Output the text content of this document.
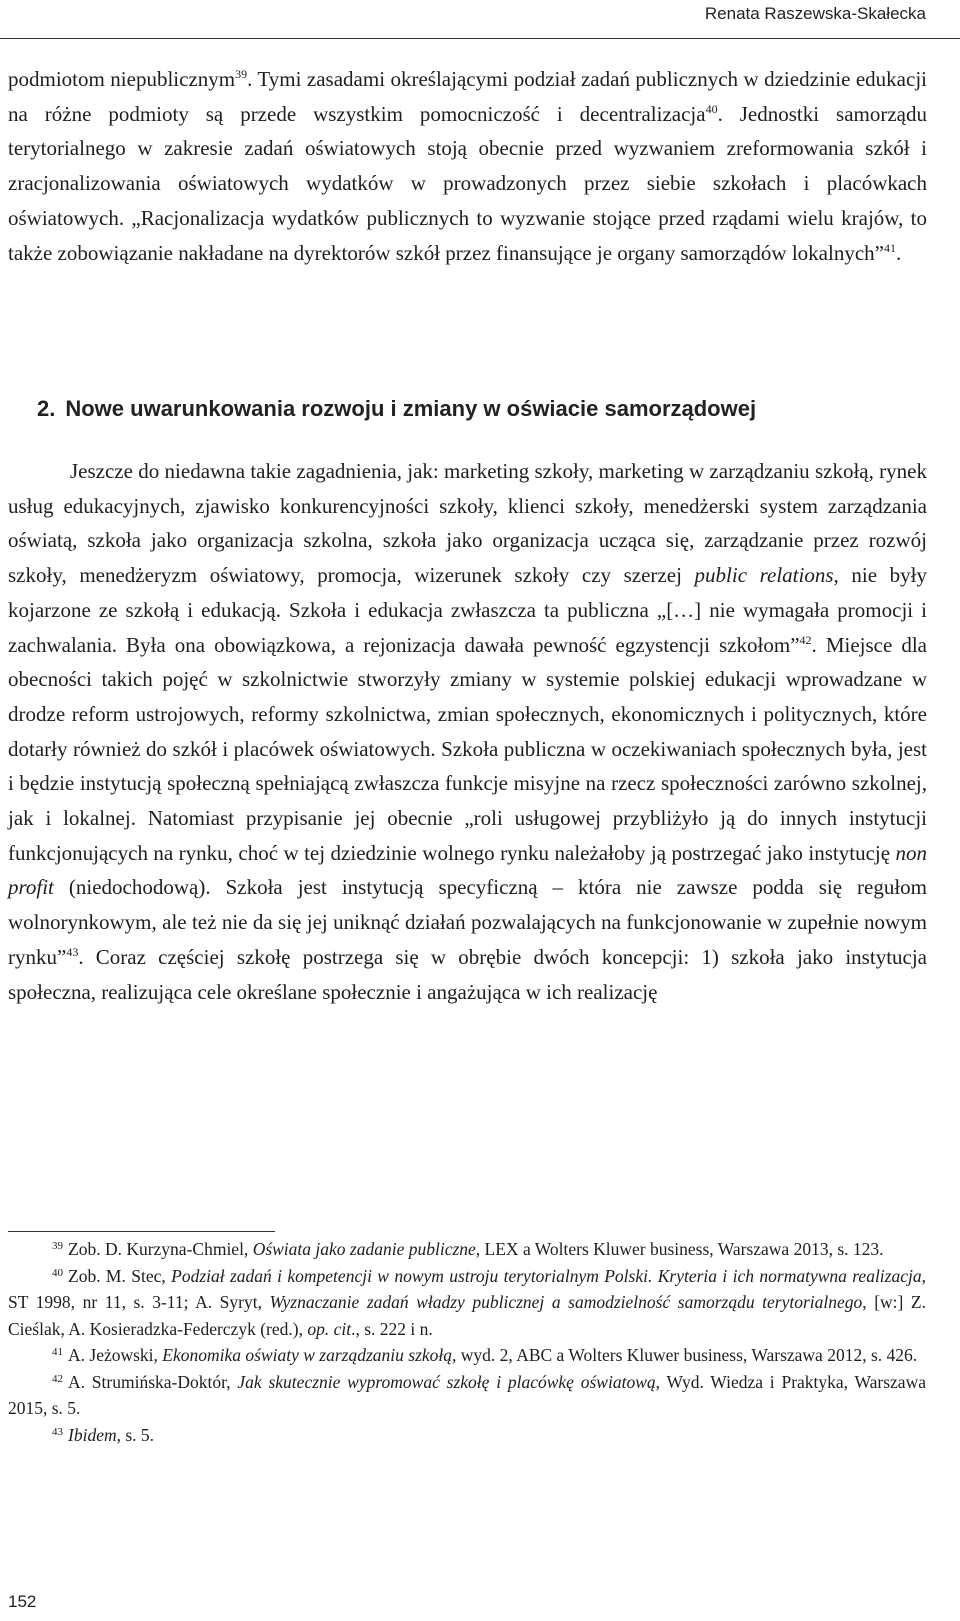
Renata Raszewska-Skałecka

podmiotom niepublicznym$^{39}$. Tymi zasadami określającymi podział zadań publicznych w dziedzinie edukacji na różne podmioty są przede wszystkim pomocniczość i decentralizacja$^{40}$. Jednostki samorządu terytorialnego w zakresie zadań oświatowych stoją obecnie przed wyzwaniem zreformowania szkół i zracjonalizowania oświatowych wydatków w prowadzonych przez siebie szkołach i placówkach oświatowych. „Racjonalizacja wydatków publicznych to wyzwanie stojące przed rządami wielu krajów, to także zobowiązanie nakładane na dyrektorów szkół przez finansujące je organy samorządów lokalnych”$^{41}$.

2. Nowe uwarunkowania rozwoju i zmiany w oświacie samorządowej

Jeszcze do niedawna takie zagadnienia, jak: marketing szkoły, marketing w zarządzaniu szkołą, rynek usług edukacyjnych, zjawisko konkurencyjności szkoły, klienci szkoły, menedżerski system zarządzania oświatą, szkoła jako organizacja szkolna, szkoła jako organizacja ucząca się, zarządzanie przez rozwój szkoły, menedżeryzm oświatowy, promocja, wizerunek szkoły czy szerzej public relations, nie były kojarzone ze szkołą i edukacją. Szkoła i edukacja zwłaszcza ta publiczna „[…] nie wymagała promocji i zachwalania. Była ona obowiązkowa, a rejonizacja dawała pewność egzystencji szkołom”$^{42}$. Miejsce dla obecności takich pojęć w szkolnictwie stworzyły zmiany w systemie polskiej edukacji wprowadzane w drodze reform ustrojowych, reformy szkolnictwa, zmian społecznych, ekonomicznych i politycznych, które dotarły również do szkół i placówek oświatowych. Szkoła publiczna w oczekiwaniach społecznych była, jest i będzie instytucją społeczną spełniającą zwłaszcza funkcje misyjne na rzecz społeczności zarówno szkolnej, jak i lokalnej. Natomiast przypisanie jej obecnie „roli usługowej przybliżyło ją do innych instytucji funkcjonujących na rynku, choć w tej dziedzinie wolnego rynku należałoby ją postrzegać jako instytucję non profit (niedochodową). Szkoła jest instytucją specyficzną – która nie zawsze podda się regułom wolnorynkowym, ale też nie da się jej uniknąć działań pozwalających na funkcjonowanie w zupełnie nowym rynku”$^{43}$. Coraz częściej szkołę postrzega się w obrębie dwóch koncepcji: 1) szkoła jako instytucja społeczna, realizująca cele określane społecznie i angażująca w ich realizację

$^{39}$ Zob. D. Kurzyna-Chmiel, Oświata jako zadanie publiczne, LEX a Wolters Kluwer business, Warszawa 2013, s. 123.

$^{40}$ Zob. M. Stec, Podział zadań i kompetencji w nowym ustroju terytorialnym Polski. Kryteria i ich normatywna realizacja, ST 1998, nr 11, s. 3-11; A. Syryt, Wyznaczanie zadań władzy publicznej a samodzielność samorządu terytorialnego, [w:] Z. Cieślak, A. Kosieradzka-Federczyk (red.), op. cit., s. 222 i n.

$^{41}$ A. Jeżowski, Ekonomika oświaty w zarządzaniu szkołą, wyd. 2, ABC a Wolters Kluwer business, Warszawa 2012, s. 426.

$^{42}$ A. Strumińska-Doktór, Jak skutecznie wypromować szkołę i placówkę oświatową, Wyd. Wiedza i Praktyka, Warszawa 2015, s. 5.

$^{43}$ Ibidem, s. 5.

152
